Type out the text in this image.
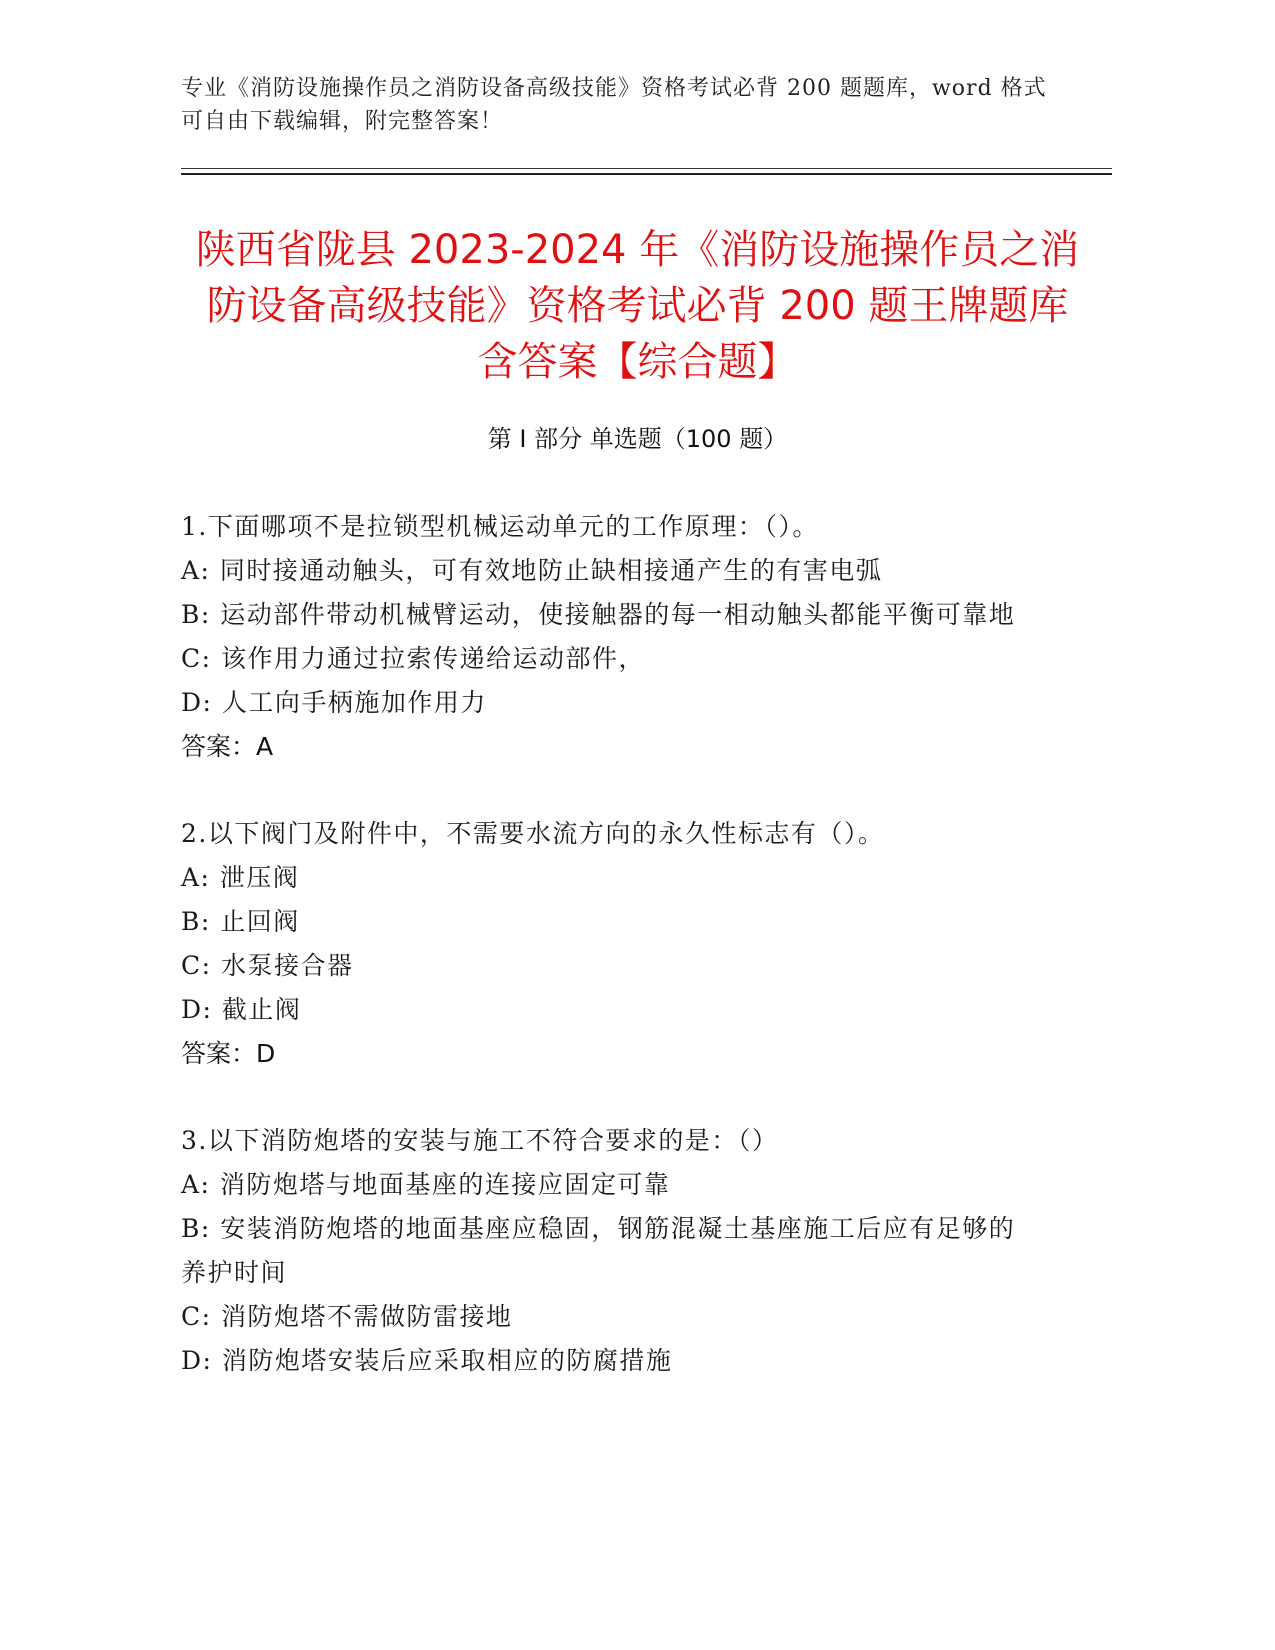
专业《消防设施操作员之消防设备高级技能》资格考试必背 200 题题库，word 格式可自由下载编辑，附完整答案！
陕西省陇县 2023-2024 年《消防设施操作员之消防设备高级技能》资格考试必背 200 题王牌题库含答案【综合题】
第 I 部分 单选题（100 题）
1.下面哪项不是拉锁型机械运动单元的工作原理：（）。
A: 同时接通动触头，可有效地防止缺相接通产生的有害电弧
B: 运动部件带动机械臂运动，使接触器的每一相动触头都能平衡可靠地
C: 该作用力通过拉索传递给运动部件，
D: 人工向手柄施加作用力
答案：A
2.以下阀门及附件中，不需要水流方向的永久性标志有（）。
A: 泄压阀
B: 止回阀
C: 水泵接合器
D: 截止阀
答案：D
3.以下消防炮塔的安装与施工不符合要求的是：（）
A: 消防炮塔与地面基座的连接应固定可靠
B: 安装消防炮塔的地面基座应稳固，钢筋混凝土基座施工后应有足够的养护时间
C: 消防炮塔不需做防雷接地
D: 消防炮塔安装后应采取相应的防腐措施
